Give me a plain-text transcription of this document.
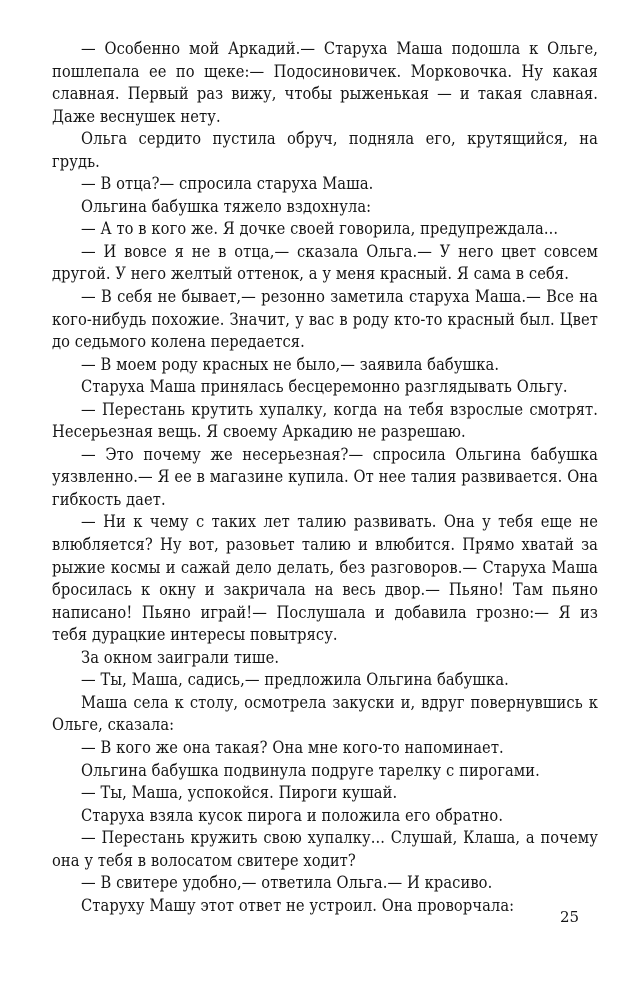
— Особенно мой Аркадий.— Старуха Маша подошла к Ольге, пошлепала ее по щеке:— Подосиновичек. Морковочка. Ну какая славная. Первый раз вижу, чтобы рыженькая — и такая славная. Даже веснушек нету.

Ольга сердито пустила обруч, подняла его, крутящийся, на грудь.

— В отца?— спросила старуха Маша.

Ольгина бабушка тяжело вздохнула:

— А то в кого же. Я дочке своей говорила, предупреждала...

— И вовсе я не в отца,— сказала Ольга.— У него цвет совсем другой. У него желтый оттенок, а у меня красный. Я сама в себя.

— В себя не бывает,— резонно заметила старуха Маша.— Все на кого-нибудь похожие. Значит, у вас в роду кто-то красный был. Цвет до седьмого колена передается.

— В моем роду красных не было,— заявила бабушка.

Старуха Маша принялась бесцеремонно разглядывать Ольгу.

— Перестань крутить хупалку, когда на тебя взрослые смотрят. Несерьезная вещь. Я своему Аркадию не разрешаю.

— Это почему же несерьезная?— спросила Ольгина бабушка уязвленно.— Я ее в магазине купила. От нее талия развивается. Она гибкость дает.

— Ни к чему с таких лет талию развивать. Она у тебя еще не влюбляется? Ну вот, разовьет талию и влюбится. Прямо хватай за рыжие космы и сажай дело делать, без разговоров.— Старуха Маша бросилась к окну и закричала на весь двор.— Пьяно! Там пьяно написано! Пьяно играй!— Послушала и добавила грозно:— Я из тебя дурацкие интересы повытрясу.

За окном заиграли тише.

— Ты, Маша, садись,— предложила Ольгина бабушка.

Маша села к столу, осмотрела закуски и, вдруг повернувшись к Ольге, сказала:

— В кого же она такая? Она мне кого-то напоминает.

Ольгина бабушка подвинула подруге тарелку с пирогами.

— Ты, Маша, успокойся. Пироги кушай.

Старуха взяла кусок пирога и положила его обратно.

— Перестань кружить свою хупалку... Слушай, Клаша, а почему она у тебя в волосатом свитере ходит?

— В свитере удобно,— ответила Ольга.— И красиво.

Старуху Машу этот ответ не устроил. Она проворчала:

25
